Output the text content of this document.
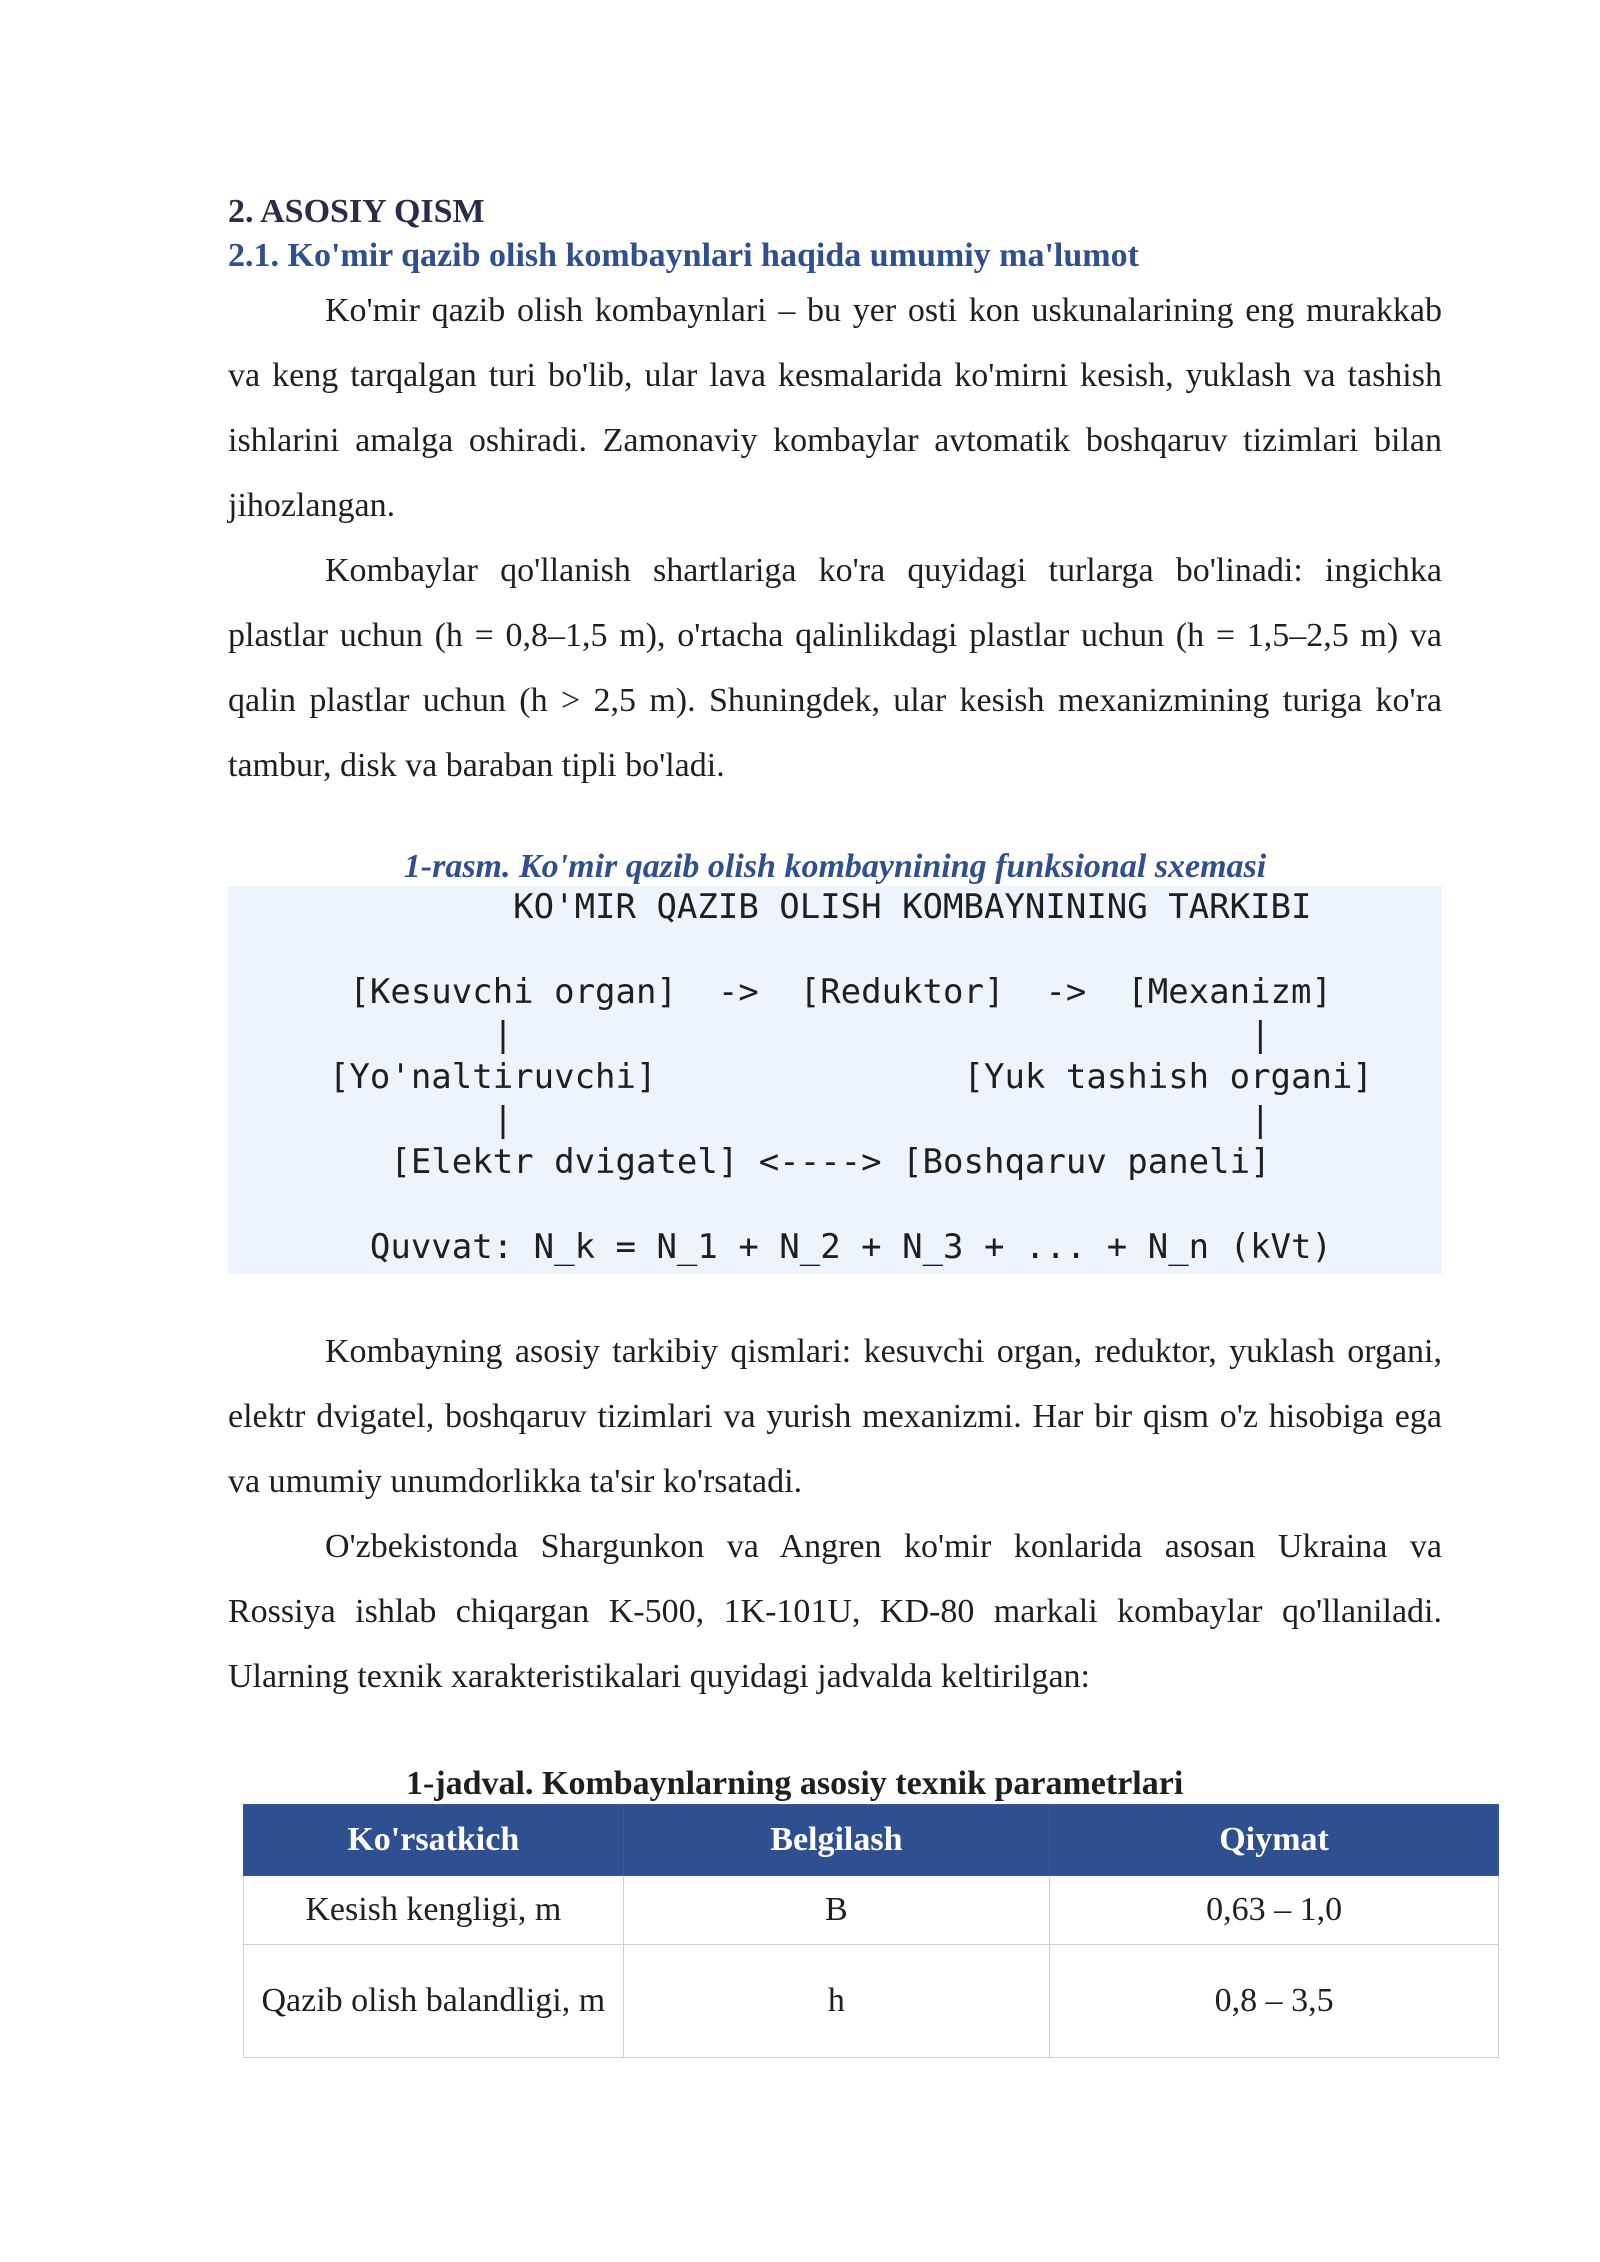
2. ASOSIY QISM

2.1. Ko'mir qazib olish kombaynlari haqida umumiy ma'lumot

Ko'mir qazib olish kombaynlari – bu yer osti kon uskunalarining eng murakkab va keng tarqalgan turi bo'lib, ular lava kesmalarida ko'mirni kesish, yuklash va tashish ishlarini amalga oshiradi. Zamonaviy kombaylar avtomatik boshqaruv tizimlari bilan jihozlangan.

Kombaylar qo'llanish shartlariga ko'ra quyidagi turlarga bo'linadi: ingichka plastlar uchun (h = 0,8–1,5 m), o'rtacha qalinlikdagi plastlar uchun (h = 1,5–2,5 m) va qalin plastlar uchun (h > 2,5 m). Shuningdek, ular kesish mexanizmining turiga ko'ra tambur, disk va baraban tipli bo'ladi.

1-rasm. Ko'mir qazib olish kombaynining funksional sxemasi

KO'MIR QAZIB OLISH KOMBAYNINING TARKIBI

[Kesuvchi organ]  ->  [Reduktor]  ->  [Mexanizm]
|                                    |
[Yo'naltiruvchi]               [Yuk tashish organi]
|                                    |
[Elektr dvigatel] <----> [Boshqaruv paneli]

Quvvat: N_k = N_1 + N_2 + N_3 + ... + N_n (kVt)

Kombayning asosiy tarkibiy qismlari: kesuvchi organ, reduktor, yuklash organi, elektr dvigatel, boshqaruv tizimlari va yurish mexanizmi. Har bir qism o'z hisobiga ega va umumiy unumdorlikka ta'sir ko'rsatadi.

O'zbekistonda Shargunkon va Angren ko'mir konlarida asosan Ukraina va Rossiya ishlab chiqargan K-500, 1K-101U, KD-80 markali kombaylar qo'llaniladi. Ularning texnik xarakteristikalari quyidagi jadvalda keltirilgan:

1-jadval. Kombaynlarning asosiy texnik parametrlari

Ko'rsatkich	Belgilash	Qiymat
Kesish kengligi, m	B	0,63 – 1,0
Qazib olish balandligi, m	h	0,8 – 3,5
